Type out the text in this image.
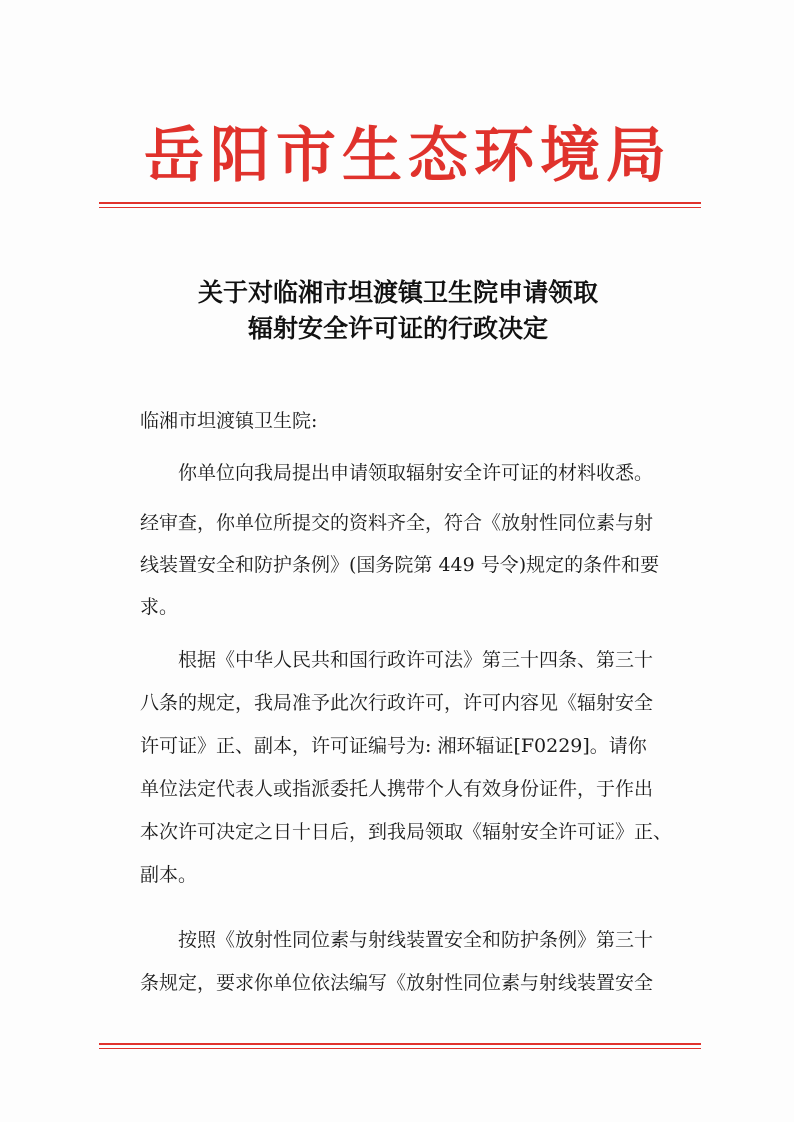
岳阳市生态环境局
关于对临湘市坦渡镇卫生院申请领取
辐射安全许可证的行政决定
临湘市坦渡镇卫生院:
你单位向我局提出申请领取辐射安全许可证的材料收悉。
经审查，你单位所提交的资料齐全，符合《放射性同位素与射
线装置安全和防护条例》(国务院第 449 号令)规定的条件和要
求。
根据《中华人民共和国行政许可法》第三十四条、第三十
八条的规定，我局准予此次行政许可，许可内容见《辐射安全
许可证》正、副本，许可证编号为: 湘环辐证[F0229]。请你
单位法定代表人或指派委托人携带个人有效身份证件，于作出
本次许可决定之日十日后，到我局领取《辐射安全许可证》正、
副本。
按照《放射性同位素与射线装置安全和防护条例》第三十
条规定，要求你单位依法编写《放射性同位素与射线装置安全
